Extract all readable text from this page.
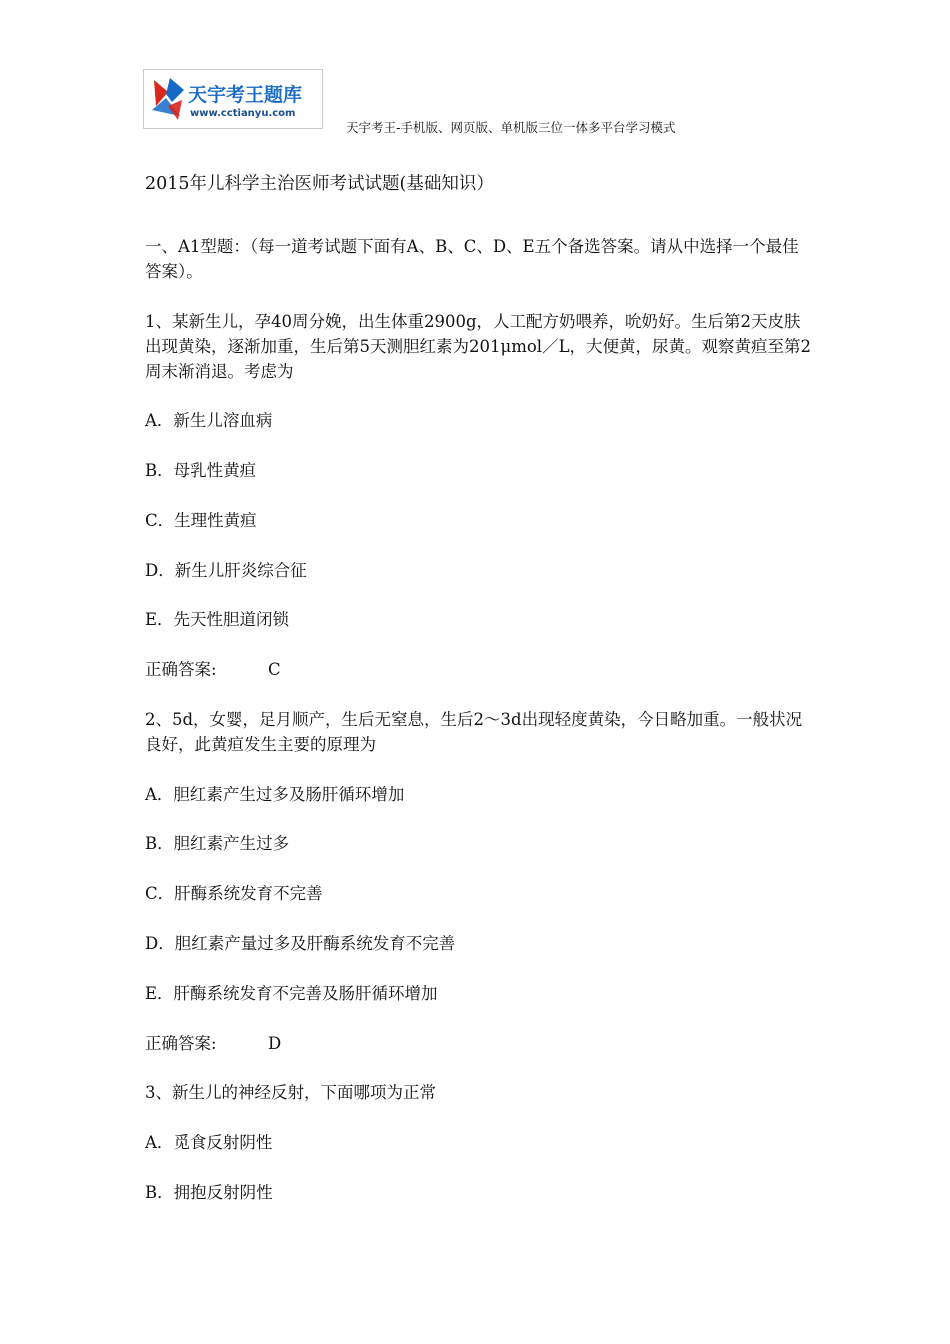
天宇考王题库
www.cctianyu.com
天宇考王-手机版、网页版、单机版三位一体多平台学习模式
2015年儿科学主治医师考试试题(基础知识）
一、A1型题：（每一道考试题下面有A、B、C、D、E五个备选答案。请从中选择一个最佳答案）。
1、某新生儿，孕40周分娩，出生体重2900g，人工配方奶喂养，吮奶好。生后第2天皮肤出现黄染，逐渐加重，生后第5天测胆红素为201μmol／L，大便黄，尿黄。观察黄疸至第2周末渐消退。考虑为
A．新生儿溶血病
B．母乳性黄疸
C．生理性黄疸
D．新生儿肝炎综合征
E．先天性胆道闭锁
正确答案:	C
2、5d，女婴，足月顺产，生后无窒息，生后2～3d出现轻度黄染，今日略加重。一般状况良好，此黄疸发生主要的原理为
A．胆红素产生过多及肠肝循环增加
B．胆红素产生过多
C．肝酶系统发育不完善
D．胆红素产量过多及肝酶系统发育不完善
E．肝酶系统发育不完善及肠肝循环增加
正确答案:	D
3、新生儿的神经反射，下面哪项为正常
A．觅食反射阴性
B．拥抱反射阴性
